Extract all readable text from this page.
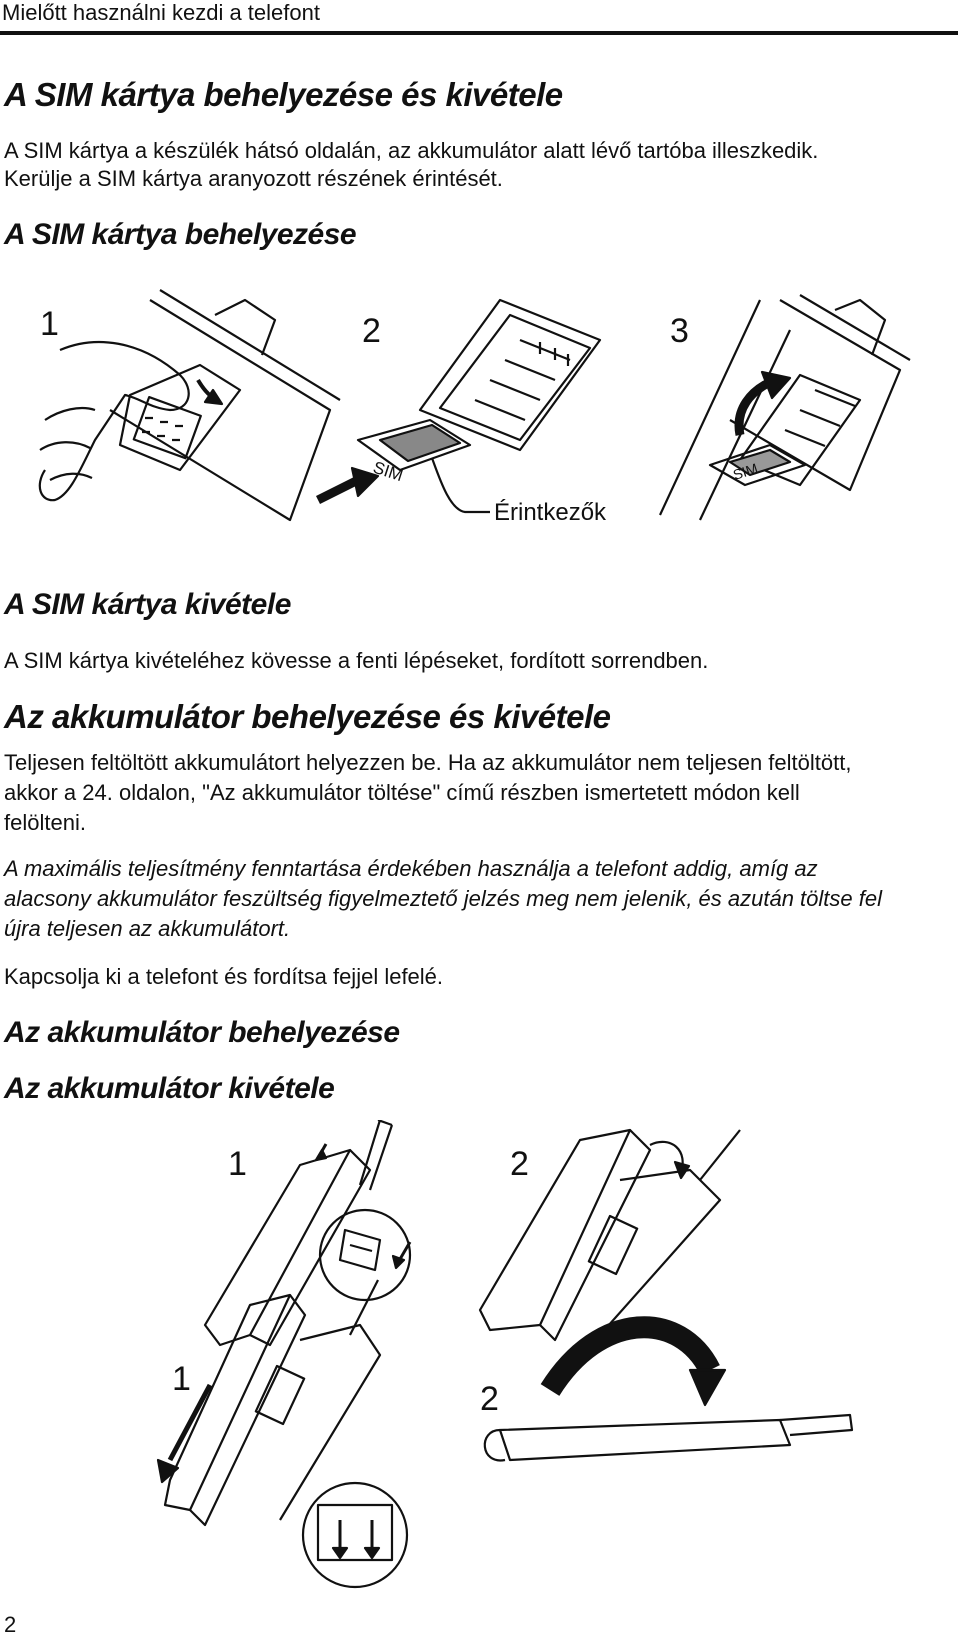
Mielőtt használni kezdi a telefont
A SIM kártya behelyezése és kivétele
A SIM kártya a készülék hátsó oldalán, az akkumulátor alatt lévő tartóba illeszkedik.
Kerülje a SIM kártya aranyozott részének érintését.
A SIM kártya behelyezése
1	2	3
SIM	SIM
Érintkezők
A SIM kártya kivétele
A SIM kártya kivételéhez kövesse a fenti lépéseket, fordított sorrendben.
Az akkumulátor behelyezése és kivétele
Teljesen feltöltött akkumulátort helyezzen be. Ha az akkumulátor nem teljesen feltöltött,
akkor a 24. oldalon, "Az akkumulátor töltése" című részben ismertetett módon kell
felölteni.
A maximális teljesítmény fenntartása érdekében használja a telefont addig, amíg az
alacsony akkumulátor feszültség figyelmeztető jelzés meg nem jelenik, és azután töltse fel
újra teljesen az akkumulátort.
Kapcsolja ki a telefont és fordítsa fejjel lefelé.
Az akkumulátor behelyezése
Az akkumulátor kivétele
1	2
1
2
2
